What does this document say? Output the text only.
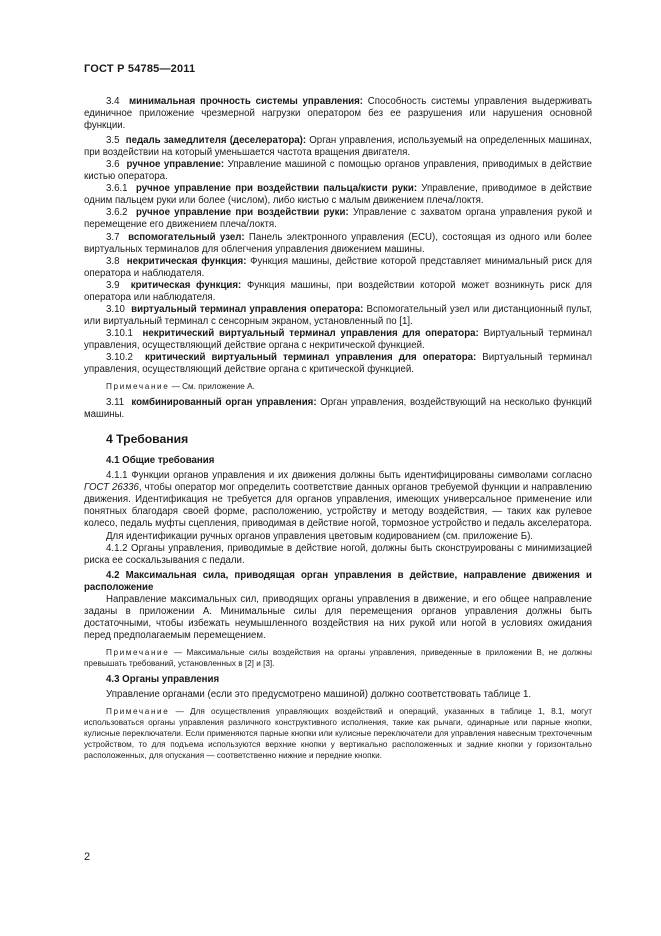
ГОСТ Р 54785—2011

3.4 минимальная прочность системы управления: Способность системы управления выдерживать единичное приложение чрезмерной нагрузки оператором без ее разрушения или нарушения основной функции.

3.5 педаль замедлителя (деселератора): Орган управления, используемый на определенных машинах, при воздействии на который уменьшается частота вращения двигателя.

3.6 ручное управление: Управление машиной с помощью органов управления, приводимых в действие кистью оператора.

3.6.1 ручное управление при воздействии пальца/кисти руки: Управление, приводимое в действие одним пальцем руки или более (числом), либо кистью с малым движением плеча/локтя.

3.6.2 ручное управление при воздействии руки: Управление с захватом органа управления рукой и перемещение его движением плеча/локтя.

3.7 вспомогательный узел: Панель электронного управления (ECU), состоящая из одного или более виртуальных терминалов для облегчения управления движением машины.

3.8 некритическая функция: Функция машины, действие которой представляет минимальный риск для оператора и наблюдателя.

3.9 критическая функция: Функция машины, при воздействии которой может возникнуть риск для оператора или наблюдателя.

3.10 виртуальный терминал управления оператора: Вспомогательный узел или дистанционный пульт, или виртуальный терминал с сенсорным экраном, установленный по [1].

3.10.1 некритический виртуальный терминал управления для оператора: Виртуальный терминал управления, осуществляющий действие органа с некритической функцией.

3.10.2 критический виртуальный терминал управления для оператора: Виртуальный терминал управления, осуществляющий действие органа с критической функцией.

Примечание — См. приложение А.

3.11 комбинированный орган управления: Орган управления, воздействующий на несколько функций машины.

4 Требования

4.1 Общие требования

4.1.1 Функции органов управления и их движения должны быть идентифицированы символами согласно ГОСТ 26336, чтобы оператор мог определить соответствие данных органов требуемой функции и направлению движения. Идентификация не требуется для органов управления, имеющих универсальное применение или понятных благодаря своей форме, расположению, устройству и методу воздействия, — таких как рулевое колесо, педаль муфты сцепления, приводимая в действие ногой, тормозное устройство и педаль акселератора.

Для идентификации ручных органов управления цветовым кодированием (см. приложение Б).

4.1.2 Органы управления, приводимые в действие ногой, должны быть сконструированы с минимизацией риска ее соскальзывания с педали.

4.2 Максимальная сила, приводящая орган управления в действие, направление движения и расположение

Направление максимальных сил, приводящих органы управления в движение, и его общее направление заданы в приложении А. Минимальные силы для перемещения органов управления должны быть достаточными, чтобы избежать неумышленного воздействия на них рукой или ногой в условиях ожидания перед предполагаемым перемещением.

Примечание — Максимальные силы воздействия на органы управления, приведенные в приложении В, не должны превышать требований, установленных в [2] и [3].

4.3 Органы управления

Управление органами (если это предусмотрено машиной) должно соответствовать таблице 1.

Примечание — Для осуществления управляющих воздействий и операций, указанных в таблице 1, 8.1, могут использоваться органы управления различного конструктивного исполнения, такие как рычаги, одинарные или парные кнопки, кулисные переключатели. Если применяются парные кнопки или кулисные переключатели для управления навесным трехточечным устройством, то для подъема используются верхние кнопки у вертикально расположенных и задние кнопки у горизонтально расположенных, для опускания — соответственно нижние и передние кнопки.

2
